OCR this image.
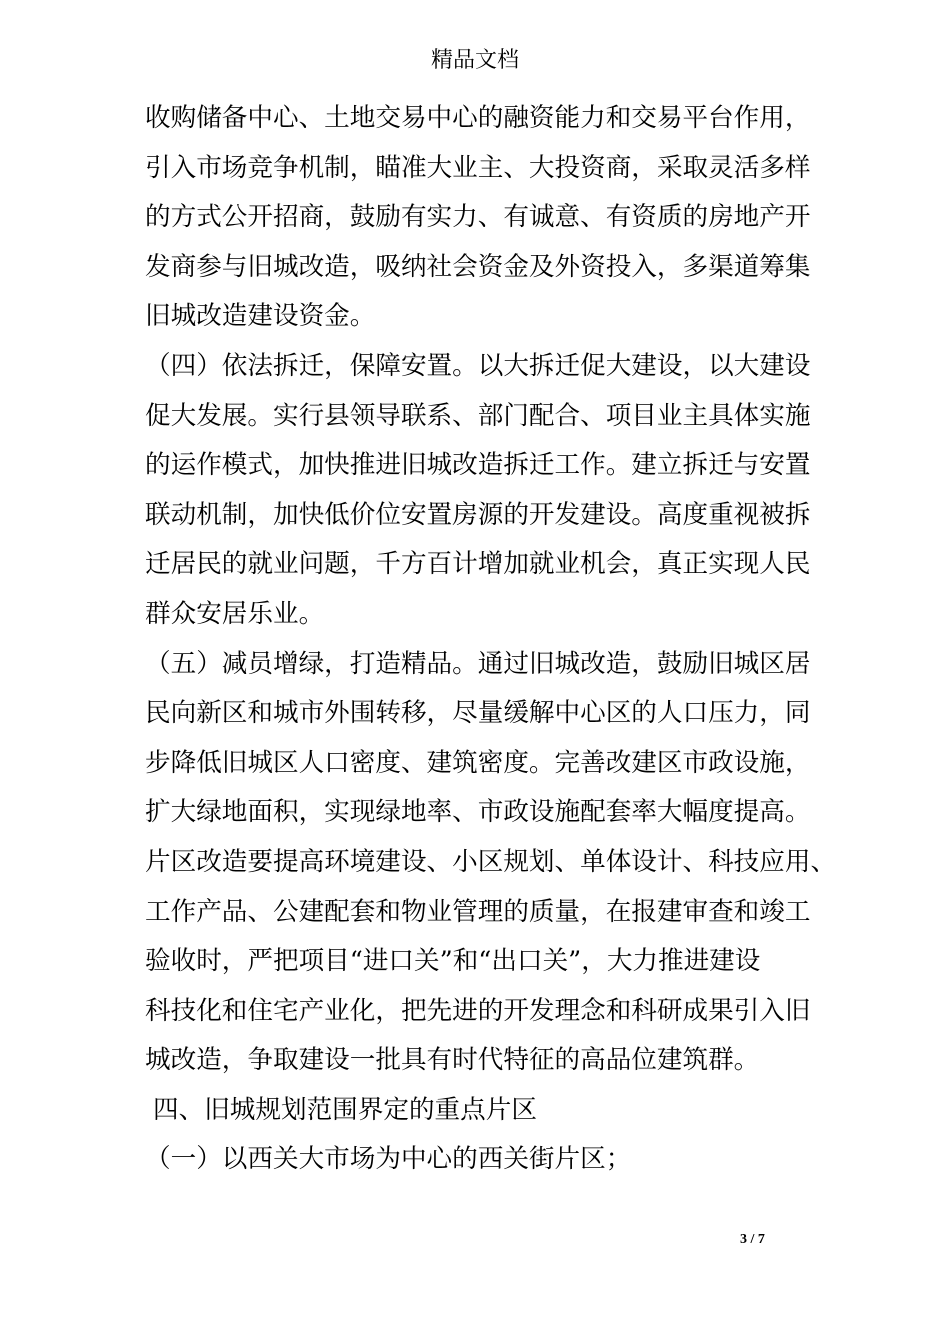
精品文档
收购储备中心、土地交易中心的融资能力和交易平台作用，
引入市场竞争机制，瞄准大业主、大投资商，采取灵活多样
的方式公开招商，鼓励有实力、有诚意、有资质的房地产开
发商参与旧城改造，吸纳社会资金及外资投入，多渠道筹集
旧城改造建设资金。
（四）依法拆迁，保障安置。以大拆迁促大建设，以大建设
促大发展。实行县领导联系、部门配合、项目业主具体实施
的运作模式，加快推进旧城改造拆迁工作。建立拆迁与安置
联动机制，加快低价位安置房源的开发建设。高度重视被拆
迁居民的就业问题，千方百计增加就业机会，真正实现人民
群众安居乐业。
（五）减员增绿，打造精品。通过旧城改造，鼓励旧城区居
民向新区和城市外围转移，尽量缓解中心区的人口压力，同
步降低旧城区人口密度、建筑密度。完善改建区市政设施，
扩大绿地面积，实现绿地率、市政设施配套率大幅度提高。
片区改造要提高环境建设、小区规划、单体设计、科技应用、
工作产品、公建配套和物业管理的质量，在报建审查和竣工
验收时，严把项目“进口关”和“出口关”，大力推进建设
科技化和住宅产业化，把先进的开发理念和科研成果引入旧
城改造，争取建设一批具有时代特征的高品位建筑群。
四、旧城规划范围界定的重点片区
（一）以西关大市场为中心的西关街片区；
3 / 7
